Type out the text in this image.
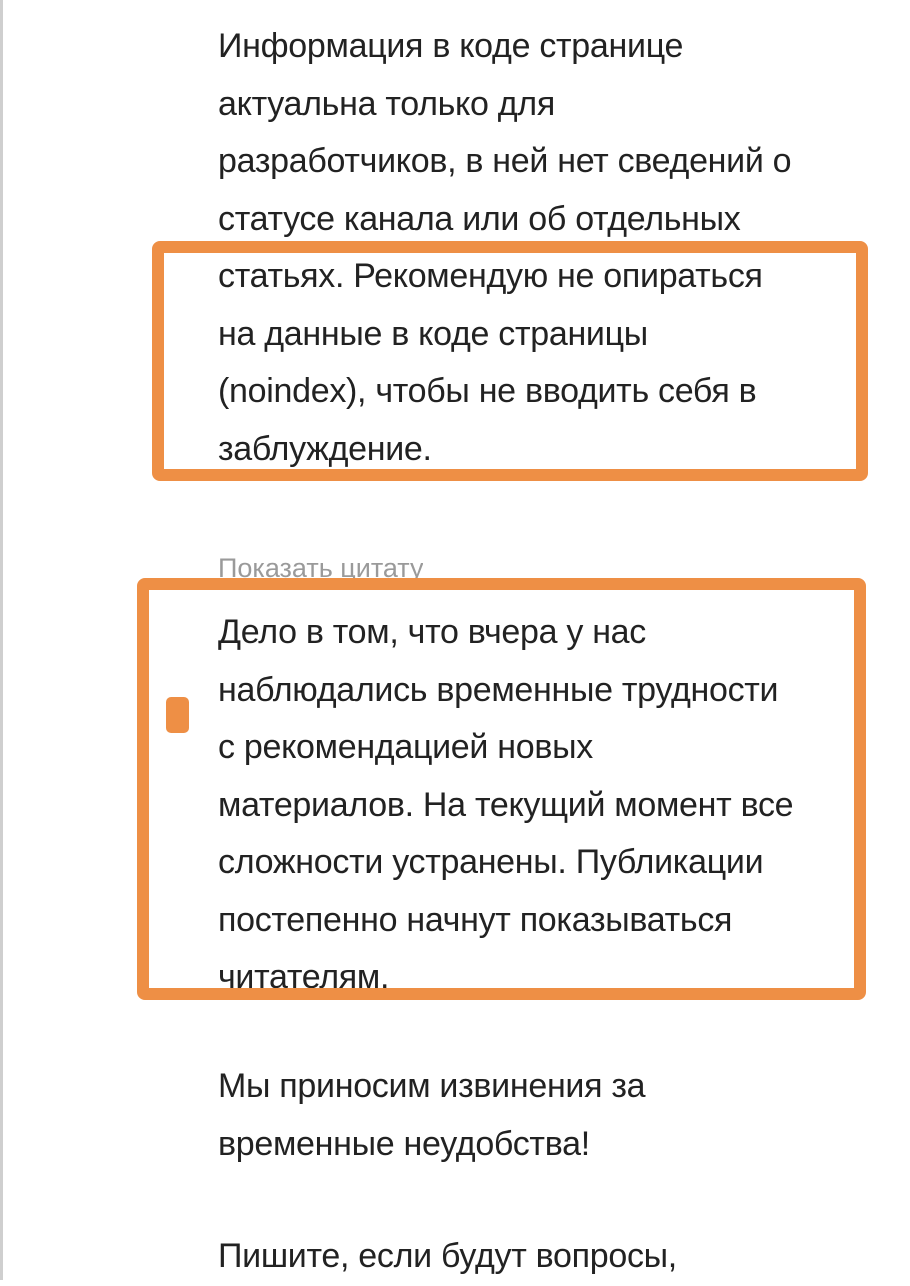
Информация в коде странице
актуальна только для
разработчиков, в ней нет сведений о
статусе канала или об отдельных
статьях. Рекомендую не опираться
на данные в коде страницы
(noindex), чтобы не вводить себя в
заблуждение.
Показать цитату
Дело в том, что вчера у нас
наблюдались временные трудности
с рекомендацией новых
материалов. На текущий момент все
сложности устранены. Публикации
постепенно начнут показываться
читателям.
Мы приносим извинения за
временные неудобства!
Пишите, если будут вопросы,
